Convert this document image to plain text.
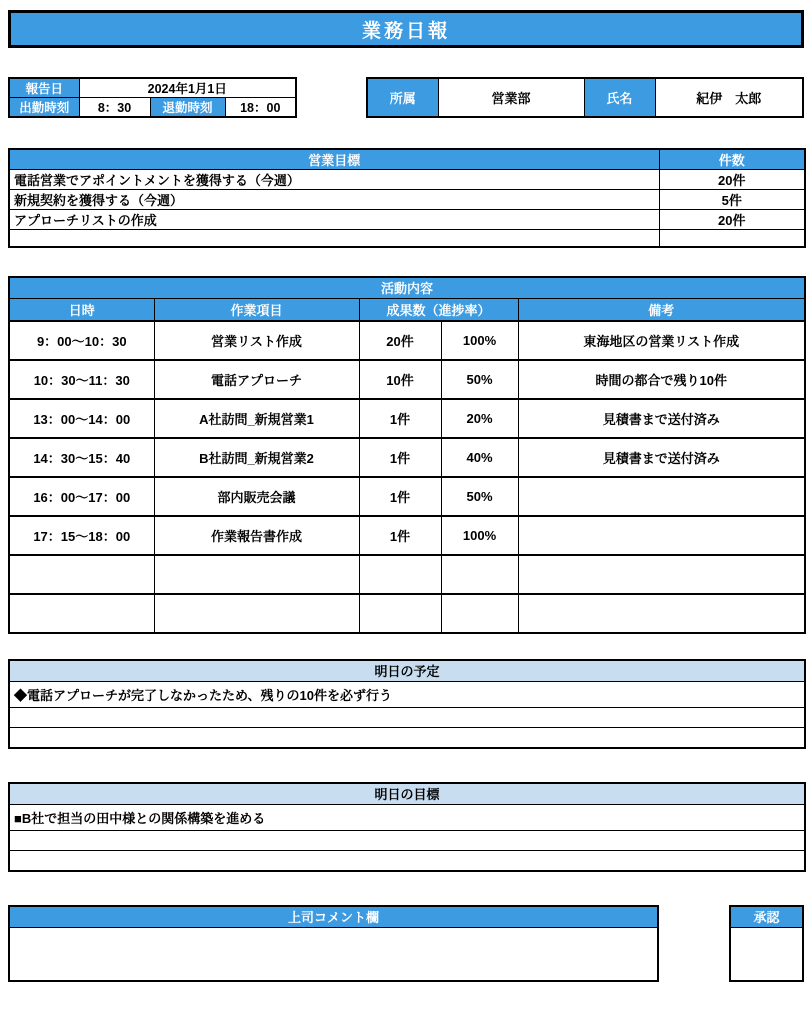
業務日報
報告日	2024年1月1日		
出勤時刻	8：30	退勤時刻	18：00
所属	営業部	氏名	紀伊　太郎
営業目標	件数
電話営業でアポイントメントを獲得する（今週）	20件
新規契約を獲得する（今週）	5件
アプローチリストの作成	20件

活動内容				
日時	作業項目	成果数（進捗率）		備考
9：00～10：30	営業リスト作成	20件	100%	東海地区の営業リスト作成
10：30～11：30	電話アプローチ	10件	50%	時間の都合で残り10件
13：00～14：00	A社訪問_新規営業1	1件	20%	見積書まで送付済み
14：30～15：40	B社訪問_新規営業2	1件	40%	見積書まで送付済み
16：00～17：00	部内販売会議	1件	50%	
17：15～18：00	作業報告書作成	1件	100%	

明日の予定
◆電話アプローチが完了しなかったため、残りの10件を必ず行う

明日の目標
■B社で担当の田中様との関係構築を進める

上司コメント欄	承認
